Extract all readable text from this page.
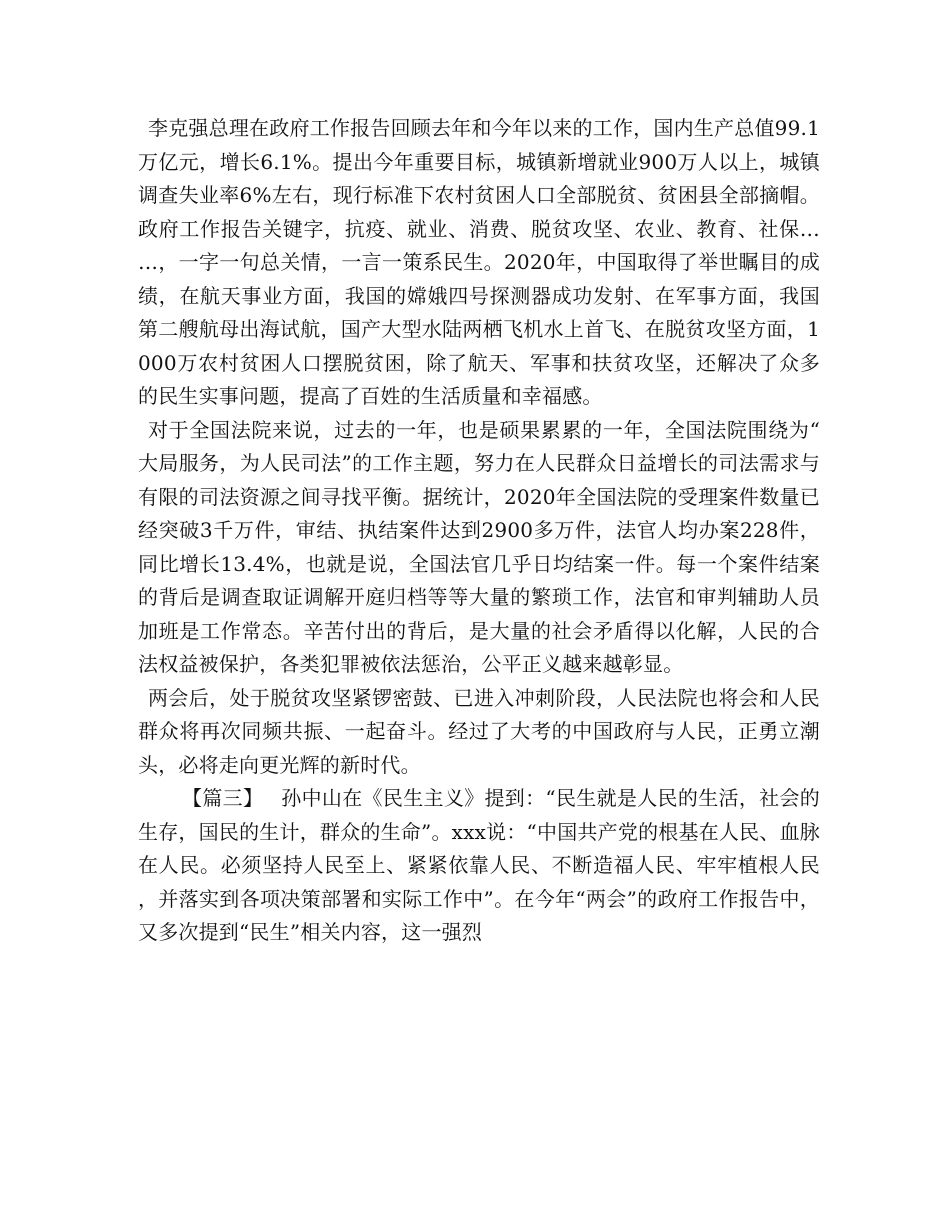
李克强总理在政府工作报告回顾去年和今年以来的工作，国内生产总值99.1万亿元，增长6.1%。提出今年重要目标，城镇新增就业900万人以上，城镇调查失业率6%左右，现行标准下农村贫困人口全部脱贫、贫困县全部摘帽。政府工作报告关键字，抗疫、就业、消费、脱贫攻坚、农业、教育、社保……，一字一句总关情，一言一策系民生。2020年，中国取得了举世瞩目的成绩，在航天事业方面，我国的嫦娥四号探测器成功发射、在军事方面，我国第二艘航母出海试航，国产大型水陆两栖飞机水上首飞、在脱贫攻坚方面，1000万农村贫困人口摆脱贫困，除了航天、军事和扶贫攻坚，还解决了众多的民生实事问题，提高了百姓的生活质量和幸福感。

对于全国法院来说，过去的一年，也是硕果累累的一年，全国法院围绕为“大局服务，为人民司法”的工作主题，努力在人民群众日益增长的司法需求与有限的司法资源之间寻找平衡。据统计，2020年全国法院的受理案件数量已经突破3千万件，审结、执结案件达到2900多万件，法官人均办案228件，同比增长13.4%，也就是说，全国法官几乎日均结案一件。每一个案件结案的背后是调查取证调解开庭归档等等大量的繁琐工作，法官和审判辅助人员加班是工作常态。辛苦付出的背后，是大量的社会矛盾得以化解，人民的合法权益被保护，各类犯罪被依法惩治，公平正义越来越彰显。

两会后，处于脱贫攻坚紧锣密鼓、已进入冲刺阶段，人民法院也将会和人民群众将再次同频共振、一起奋斗。经过了大考的中国政府与人民，正勇立潮头，必将走向更光辉的新时代。

【篇三】 孙中山在《民生主义》提到：“民生就是人民的生活，社会的生存，国民的生计，群众的生命”。xxx说：“中国共产党的根基在人民、血脉在人民。必须坚持人民至上、紧紧依靠人民、不断造福人民、牢牢植根人民，并落实到各项决策部署和实际工作中”。在今年“两会”的政府工作报告中，又多次提到“民生”相关内容，这一强烈
